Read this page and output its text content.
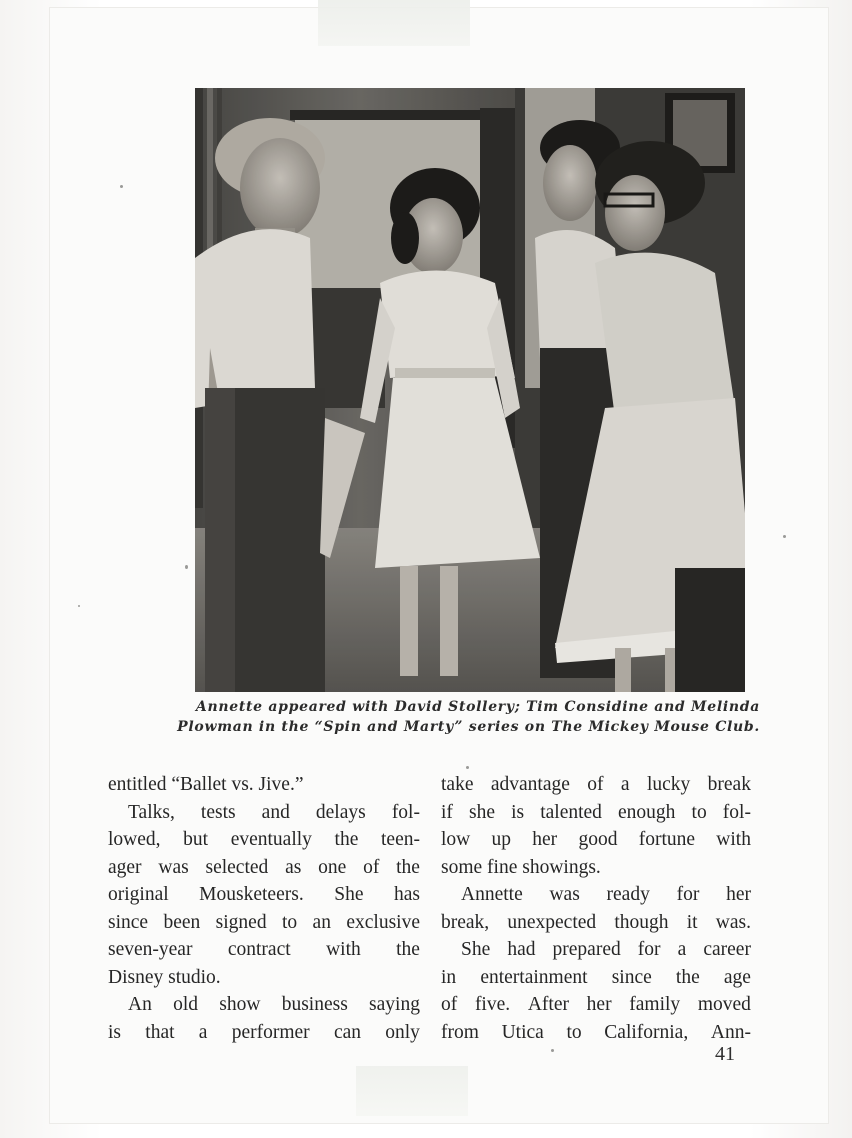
Annette appeared with David Stollery; Tim Considine and Melinda
Plowman in the “Spin and Marty” series on The Mickey Mouse Club.
entitled “Ballet vs. Jive.”
Talks, tests and delays fol-
lowed, but eventually the teen-
ager was selected as one of the
original Mousketeers. She has
since been signed to an exclusive
seven-year contract with the
Disney studio.
An old show business saying
is that a performer can only
take advantage of a lucky break
if she is talented enough to fol-
low up her good fortune with
some fine showings.
Annette was ready for her
break, unexpected though it was.
She had prepared for a career
in entertainment since the age
of five. After her family moved
from Utica to California, Ann-
41
